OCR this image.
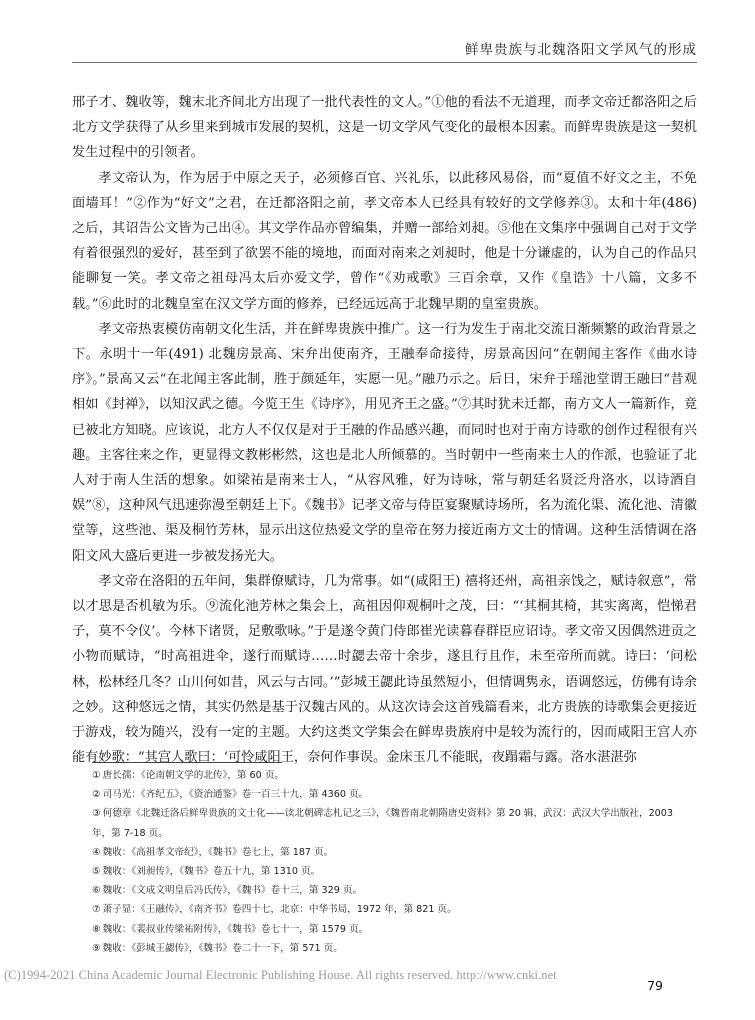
鲜卑贵族与北魏洛阳文学风气的形成

邢子才、魏收等，魏末北齐间北方出现了一批代表性的文人。”①他的看法不无道理，而孝文帝迁都洛阳之后北方文学获得了从乡里来到城市发展的契机，这是一切文学风气变化的最根本因素。而鲜卑贵族是这一契机发生过程中的引领者。

孝文帝认为，作为居于中原之天子，必须修百官、兴礼乐，以此移风易俗，而“夏值不好文之主，不免面墙耳！”②作为“好文”之君，在迁都洛阳之前，孝文帝本人已经具有较好的文学修养③。太和十年(486) 之后，其诏告公文皆为己出④。其文学作品亦曾编集，并赠一部给刘昶。⑤他在文集序中强调自己对于文学有着很强烈的爱好，甚至到了欲罢不能的境地，而面对南来之刘昶时，他是十分谦虚的，认为自己的作品只能聊复一笑。孝文帝之祖母冯太后亦爱文学，曾作“《劝戒歌》三百余章，又作《皇诰》十八篇，文多不载。”⑥此时的北魏皇室在汉文学方面的修养，已经远远高于北魏早期的皇室贵族。

孝文帝热衷模仿南朝文化生活，并在鲜卑贵族中推广。这一行为发生于南北交流日渐频繁的政治背景之下。永明十一年(491) 北魏房景高、宋弁出使南齐，王融奉命接待，房景高因问“在朝闻主客作《曲水诗序》。”景高又云“在北闻主客此制，胜于颜延年，实愿一见。”融乃示之。后日，宋弁于瑶池堂谓王融曰“昔观相如《封禅》，以知汉武之德。今览王生《诗序》，用见齐王之盛。”⑦其时犹未迁都，南方文人一篇新作，竟已被北方知晓。应该说，北方人不仅仅是对于王融的作品感兴趣，而同时也对于南方诗歌的创作过程很有兴趣。主客往来之作，更显得文教彬彬然，这也是北人所倾慕的。当时朝中一些南来士人的作派，也验证了北人对于南人生活的想象。如梁祐是南来士人，“从容风雅，好为诗咏，常与朝廷名贤泛舟洛水，以诗酒自娱”⑧，这种风气迅速弥漫至朝廷上下。《魏书》记孝文帝与侍臣宴聚赋诗场所，名为流化渠、流化池、清徽堂等，这些池、渠及桐竹芳林，显示出这位热爱文学的皇帝在努力接近南方文士的情调。这种生活情调在洛阳文风大盛后更进一步被发扬光大。

孝文帝在洛阳的五年间，集群僚赋诗，几为常事。如“(咸阳王) 禧将还州，高祖亲饯之，赋诗叙意”，常以才思是否机敏为乐。⑨流化池芳林之集会上，高祖因仰观桐叶之茂，曰：“‘其桐其椅，其实离离，恺悌君子，莫不令仪’。今林下诸贤，足敷歌咏。”于是遂令黄门侍郎崔光读暮春群臣应诏诗。孝文帝又因偶然进贡之小物而赋诗，“时高祖进伞，遂行而赋诗……时勰去帝十余步，遂且行且作，未至帝所而就。诗曰：‘问松林，松林经几冬？山川何如昔，风云与古同。’”彭城王勰此诗虽然短小，但情调隽永，语调悠远，仿佛有诗余之妙。这种悠远之情，其实仍然是基于汉魏古风的。从这次诗会这首残篇看来，北方贵族的诗歌集会更接近于游戏，较为随兴，没有一定的主题。大约这类文学集会在鲜卑贵族府中是较为流行的，因而咸阳王宫人亦能有妙歌：“其宫人歌曰：‘可怜咸阳王，奈何作事误。金床玉几不能眠，夜蹋霜与露。洛水湛湛弥

① 唐长孺：《论南朝文学的北传》，第 60 页。
② 司马光：《齐纪五》，《资治通鉴》卷一百三十九，第 4360 页。
③ 何德章《北魏迁洛后鲜卑贵族的文士化——读北朝碑志札记之三》，《魏晋南北朝隋唐史资料》第 20 辑，武汉：武汉大学出版社，2003 年，第 7-18 页。
④ 魏收：《高祖孝文帝纪》，《魏书》卷七上，第 187 页。
⑤ 魏收：《刘昶传》，《魏书》卷五十九，第 1310 页。
⑥ 魏收：《文成文明皇后冯氏传》，《魏书》卷十三，第 329 页。
⑦ 萧子显：《王融传》，《南齐书》卷四十七，北京：中华书局，1972 年，第 821 页。
⑧ 魏收：《裴叔业传梁祐附传》，《魏书》卷七十一，第 1579 页。
⑨ 魏收：《彭城王勰传》，《魏书》卷二十一下，第 571 页。
(C)1994-2021 China Academic Journal Electronic Publishing House. All rights reserved. http://www.cnki.net
79
